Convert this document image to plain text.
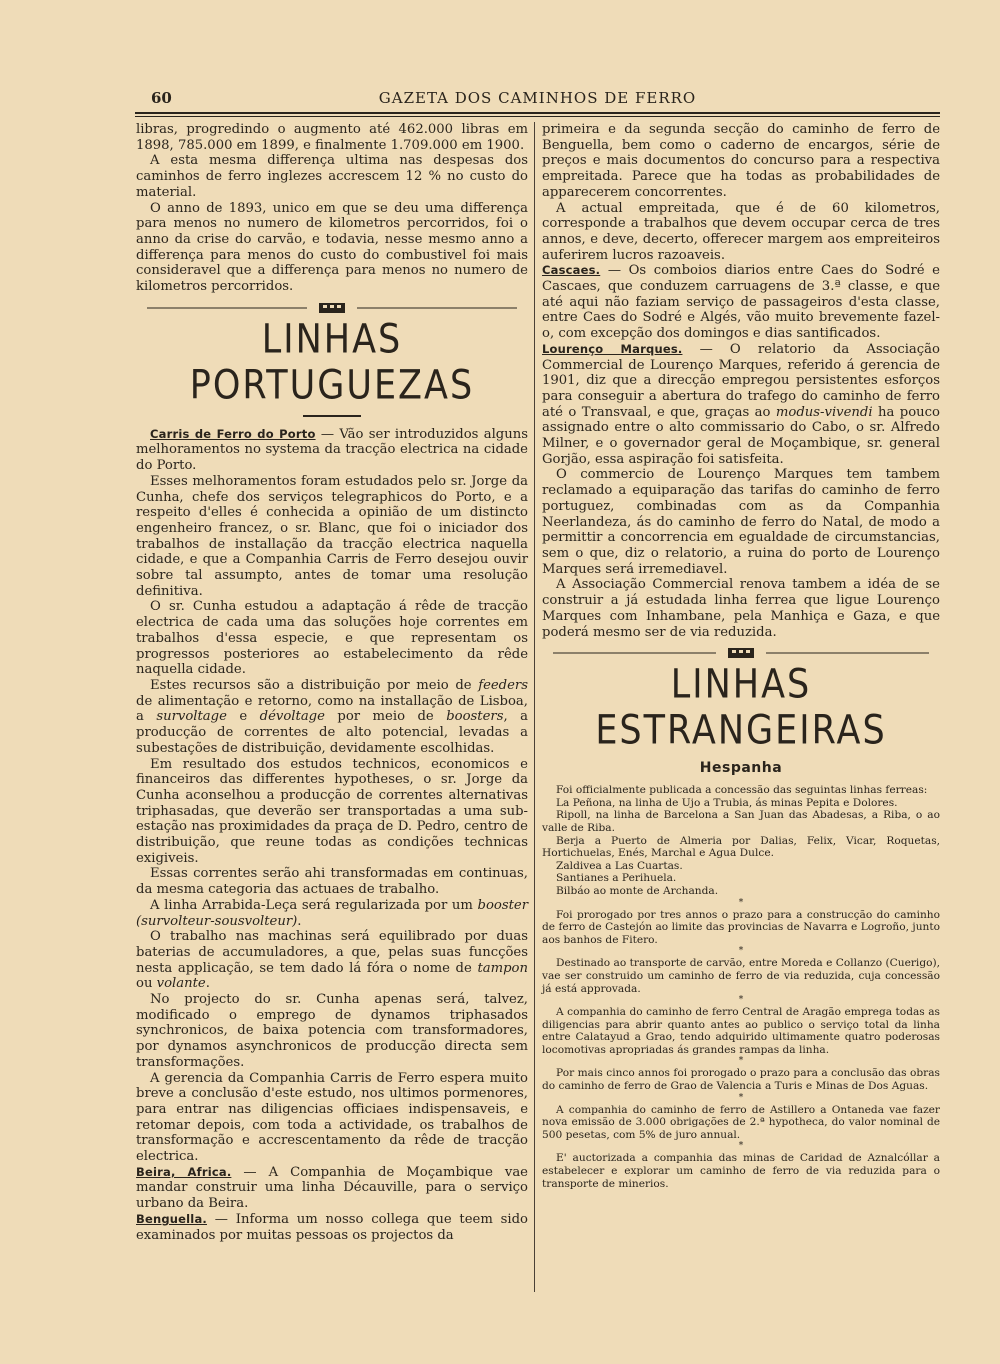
60	GAZETA DOS CAMINHOS DE FERRO

libras, progredindo o augmento até 462.000 libras em 1898, 785.000 em 1899, e finalmente 1.709.000 em 1900.

A esta mesma differença ultima nas despesas dos caminhos de ferro inglezes accrescem 12 % no custo do material.

O anno de 1893, unico em que se deu uma differença para menos no numero de kilometros percorridos, foi o anno da crise do carvão, e todavia, nesse mesmo anno a differença para menos do custo do combustivel foi mais consideravel que a differença para menos no numero de kilometros percorridos.

LINHAS PORTUGUEZAS

Carris de Ferro do Porto — Vão ser introduzidos alguns melhoramentos no systema da tracção electrica na cidade do Porto.

Esses melhoramentos foram estudados pelo sr. Jorge da Cunha, chefe dos serviços telegraphicos do Porto, e a respeito d'elles é conhecida a opinião de um distincto engenheiro francez, o sr. Blanc, que foi o iniciador dos trabalhos de installação da tracção electrica naquella cidade, e que a Companhia Carris de Ferro desejou ouvir sobre tal assumpto, antes de tomar uma resolução definitiva.

O sr. Cunha estudou a adaptação á rêde de tracção electrica de cada uma das soluções hoje correntes em trabalhos d'essa especie, e que representam os progressos posteriores ao estabelecimento da rêde naquella cidade.

Estes recursos são a distribuição por meio de feeders de alimentação e retorno, como na installação de Lisboa, a survoltage e dévoltage por meio de boosters, a producção de correntes de alto potencial, levadas a subestações de distribuição, devidamente escolhidas.

Em resultado dos estudos technicos, economicos e financeiros das differentes hypotheses, o sr. Jorge da Cunha aconselhou a producção de correntes alternativas triphasadas, que deverão ser transportadas a uma sub-estação nas proximidades da praça de D. Pedro, centro de distribuição, que reune todas as condições technicas exigiveis.

Essas correntes serão ahi transformadas em continuas, da mesma categoria das actuaes de trabalho.

A linha Arrabida-Leça será regularizada por um booster (survolteur-sousvolteur).

O trabalho nas machinas será equilibrado por duas baterias de accumuladores, a que, pelas suas funcções nesta applicação, se tem dado lá fóra o nome de tampon ou volante.

No projecto do sr. Cunha apenas será, talvez, modificado o emprego de dynamos triphasados synchronicos, de baixa potencia com transformadores, por dynamos asynchronicos de producção directa sem transformações.

A gerencia da Companhia Carris de Ferro espera muito breve a conclusão d'este estudo, nos ultimos pormenores, para entrar nas diligencias officiaes indispensaveis, e retomar depois, com toda a actividade, os trabalhos de transformação e accrescentamento da rêde de tracção electrica.

Beira, Africa. — A Companhia de Moçambique vae mandar construir uma linha Décauville, para o serviço urbano da Beira.

Benguella. — Informa um nosso collega que teem sido examinados por muitas pessoas os projectos da

primeira e da segunda secção do caminho de ferro de Benguella, bem como o caderno de encargos, série de preços e mais documentos do concurso para a respectiva empreitada. Parece que ha todas as probabilidades de apparecerem concorrentes.

A actual empreitada, que é de 60 kilometros, corresponde a trabalhos que devem occupar cerca de tres annos, e deve, decerto, offerecer margem aos empreiteiros auferirem lucros razoaveis.

Cascaes. — Os comboios diarios entre Caes do Sodré e Cascaes, que conduzem carruagens de 3.ª classe, e que até aqui não faziam serviço de passageiros d'esta classe, entre Caes do Sodré e Algés, vão muito brevemente fazel-o, com excepção dos domingos e dias santificados.

Lourenço Marques. — O relatorio da Associação Commercial de Lourenço Marques, referido á gerencia de 1901, diz que a direcção empregou persistentes esforços para conseguir a abertura do trafego do caminho de ferro até o Transvaal, e que, graças ao modus-vivendi ha pouco assignado entre o alto commissario do Cabo, o sr. Alfredo Milner, e o governador geral de Moçambique, sr. general Gorjão, essa aspiração foi satisfeita.

O commercio de Lourenço Marques tem tambem reclamado a equiparação das tarifas do caminho de ferro portuguez, combinadas com as da Companhia Neerlandeza, ás do caminho de ferro do Natal, de modo a permittir a concorrencia em egualdade de circumstancias, sem o que, diz o relatorio, a ruina do porto de Lourenço Marques será irremediavel.

A Associação Commercial renova tambem a idéa de se construir a já estudada linha ferrea que ligue Lourenço Marques com Inhambane, pela Manhiça e Gaza, e que poderá mesmo ser de via reduzida.

LINHAS ESTRANGEIRAS
Hespanha

Foi officialmente publicada a concessão das seguintas linhas ferreas:

La Peñona, na linha de Ujo a Trubia, ás minas Pepita e Dolores.

Ripoll, na linha de Barcelona a San Juan das Abadesas, a Riba, o ao valle de Riba.

Berja a Puerto de Almeria por Dalias, Felix, Vicar, Roquetas, Hortichuelas, Enés, Marchal e Agua Dulce.

Zaldivea a Las Cuartas.

Santianes a Perihuela.

Bilbáo ao monte de Archanda.

*

Foi prorogado por tres annos o prazo para a construcção do caminho de ferro de Castejón ao limite das provincias de Navarra e Logroño, junto aos banhos de Fitero.

*

Destinado ao transporte de carvão, entre Moreda e Collanzo (Cuerigo), vae ser construido um caminho de ferro de via reduzida, cuja concessão já está approvada.

*

A companhia do caminho de ferro Central de Aragão emprega todas as diligencias para abrir quanto antes ao publico o serviço total da linha entre Calatayud a Grao, tendo adquirido ultimamente quatro poderosas locomotivas apropriadas ás grandes rampas da linha.

*

Por mais cinco annos foi prorogado o prazo para a conclusão das obras do caminho de ferro de Grao de Valencia a Turis e Minas de Dos Aguas.

*

A companhia do caminho de ferro de Astillero a Ontaneda vae fazer nova emissão de 3.000 obrigações de 2.ª hypotheca, do valor nominal de 500 pesetas, com 5% de juro annual.

*

E' auctorizada a companhia das minas de Caridad de Aznalcóllar a estabelecer e explorar um caminho de ferro de via reduzida para o transporte de minerios.
